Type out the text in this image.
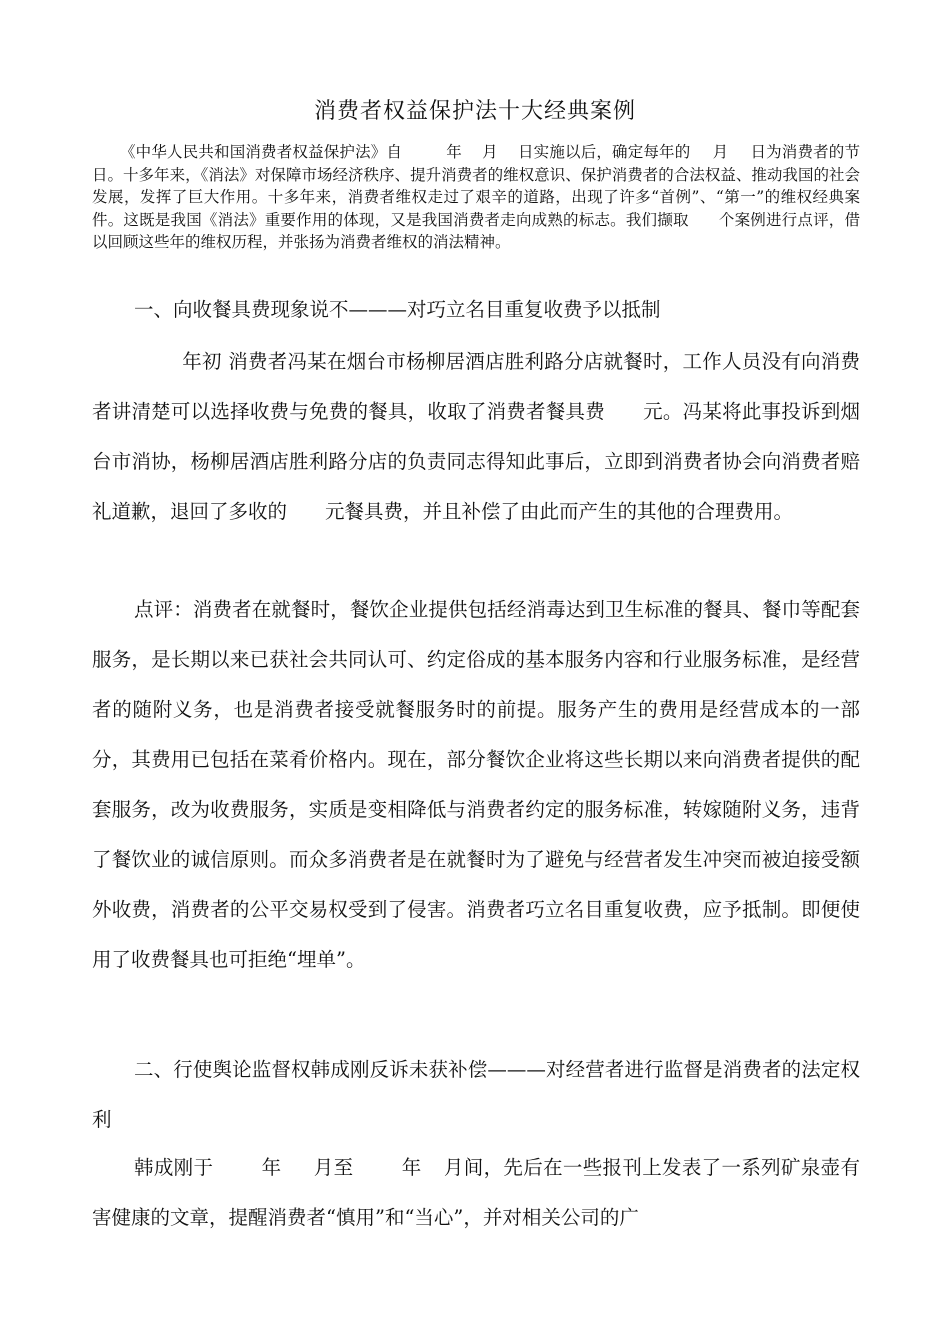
消费者权益保护法十大经典案例

《中华人民共和国消费者权益保护法》自	年 月 日实施以后，确定每年的 月 日为消费者的节日。十多年来，《消法》对保障市场经济秩序、提升消费者的维权意识、保护消费者的合法权益、推动我国的社会发展，发挥了巨大作用。十多年来，消费者维权走过了艰辛的道路，出现了许多“首例”、“第一”的维权经典案件。这既是我国《消法》重要作用的体现，又是我国消费者走向成熟的标志。我们撷取 个案例进行点评，借以回顾这些年的维权历程，并张扬为消费者维权的消法精神。

一、向收餐具费现象说不———对巧立名目重复收费予以抵制

年初 消费者冯某在烟台市杨柳居酒店胜利路分店就餐时，工作人员没有向消费者讲清楚可以选择收费与免费的餐具，收取了消费者餐具费 元。冯某将此事投诉到烟台市消协，杨柳居酒店胜利路分店的负责同志得知此事后，立即到消费者协会向消费者赔礼道歉，退回了多收的 元餐具费，并且补偿了由此而产生的其他的合理费用。

点评：消费者在就餐时，餐饮企业提供包括经消毒达到卫生标准的餐具、餐巾等配套服务，是长期以来已获社会共同认可、约定俗成的基本服务内容和行业服务标准，是经营者的随附义务，也是消费者接受就餐服务时的前提。服务产生的费用是经营成本的一部分，其费用已包括在菜肴价格内。现在，部分餐饮企业将这些长期以来向消费者提供的配套服务，改为收费服务，实质是变相降低与消费者约定的服务标准，转嫁随附义务，违背了餐饮业的诚信原则。而众多消费者是在就餐时为了避免与经营者发生冲突而被迫接受额外收费，消费者的公平交易权受到了侵害。消费者巧立名目重复收费，应予抵制。即便使用了收费餐具也可拒绝“埋单”。

二、行使舆论监督权韩成刚反诉未获补偿———对经营者进行监督是消费者的法定权利

韩成刚于 年 月至 年 月间，先后在一些报刊上发表了一系列矿泉壶有害健康的文章，提醒消费者“慎用”和“当心”，并对相关公司的广
